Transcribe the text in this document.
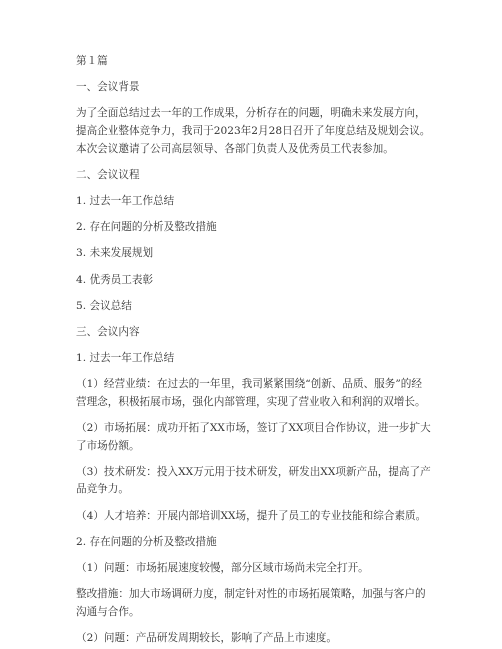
第１篇

一、会议背景

为了全面总结过去一年的工作成果，分析存在的问题，明确未来发展方向，提高企业整体竞争力，我司于2023年2月28日召开了年度总结及规划会议。本次会议邀请了公司高层领导、各部门负责人及优秀员工代表参加。

二、会议议程

1. 过去一年工作总结

2. 存在问题的分析及整改措施

3. 未来发展规划

4. 优秀员工表彰

5. 会议总结

三、会议内容

1. 过去一年工作总结

（1）经营业绩：在过去的一年里，我司紧紧围绕“创新、品质、服务”的经营理念，积极拓展市场，强化内部管理，实现了营业收入和利润的双增长。

（2）市场拓展：成功开拓了XX市场，签订了XX项目合作协议，进一步扩大了市场份额。

（3）技术研发：投入XX万元用于技术研发，研发出XX项新产品，提高了产品竞争力。

（4）人才培养：开展内部培训XX场，提升了员工的专业技能和综合素质。

2. 存在问题的分析及整改措施

（1）问题：市场拓展速度较慢，部分区域市场尚未完全打开。

整改措施：加大市场调研力度，制定针对性的市场拓展策略，加强与客户的沟通与合作。

（2）问题：产品研发周期较长，影响了产品上市速度。
